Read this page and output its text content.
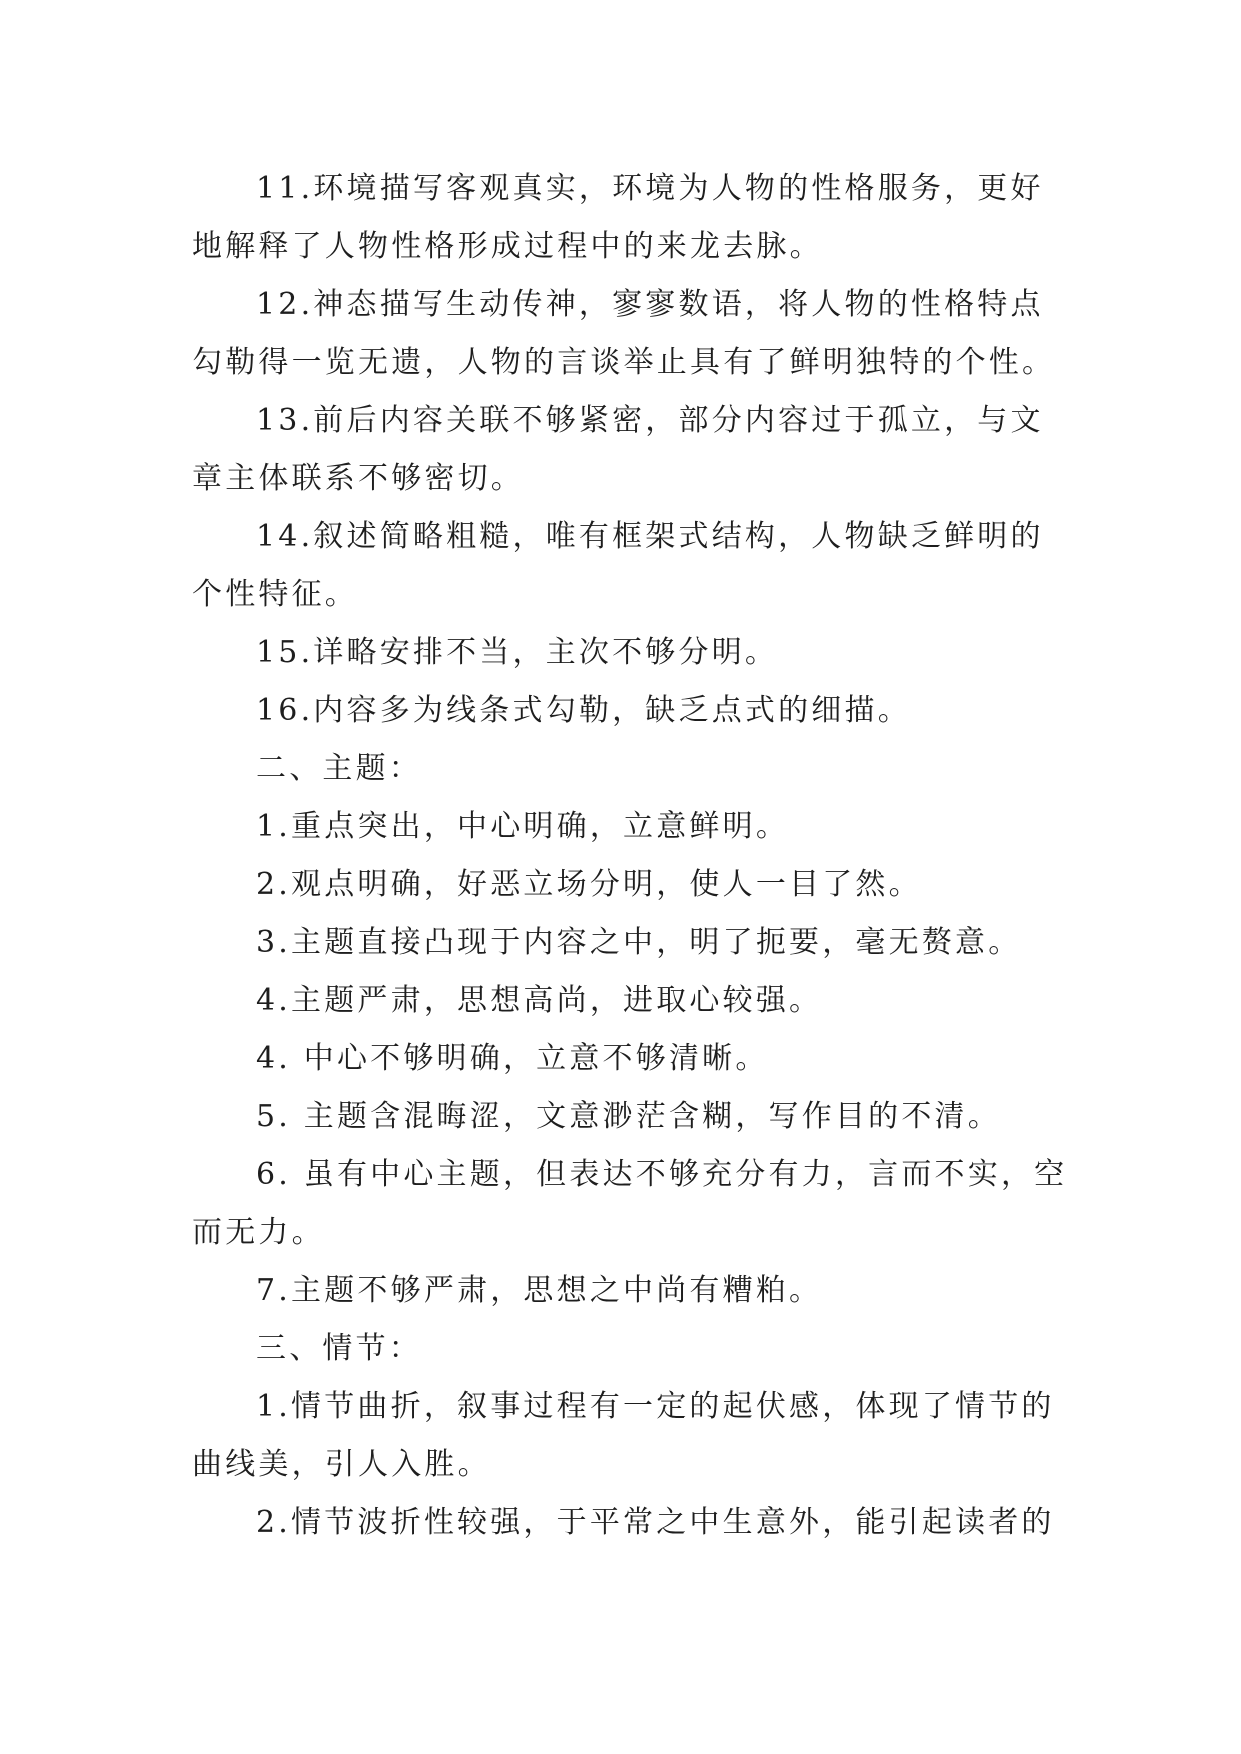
11.环境描写客观真实，环境为人物的性格服务，更好地解释了人物性格形成过程中的来龙去脉。

12.神态描写生动传神，寥寥数语，将人物的性格特点勾勒得一览无遗，人物的言谈举止具有了鲜明独特的个性。

13.前后内容关联不够紧密，部分内容过于孤立，与文章主体联系不够密切。

14.叙述简略粗糙，唯有框架式结构，人物缺乏鲜明的个性特征。

15.详略安排不当，主次不够分明。

16.内容多为线条式勾勒，缺乏点式的细描。

二、主题：

1.重点突出，中心明确，立意鲜明。

2.观点明确，好恶立场分明，使人一目了然。

3.主题直接凸现于内容之中，明了扼要，毫无赘意。

4.主题严肃，思想高尚，进取心较强。

4. 中心不够明确，立意不够清晰。

5. 主题含混晦涩，文意渺茫含糊，写作目的不清。

6. 虽有中心主题，但表达不够充分有力，言而不实，空而无力。

7.主题不够严肃，思想之中尚有糟粕。

三、情节：

1.情节曲折，叙事过程有一定的起伏感，体现了情节的曲线美，引人入胜。

2.情节波折性较强，于平常之中生意外，能引起读者的
